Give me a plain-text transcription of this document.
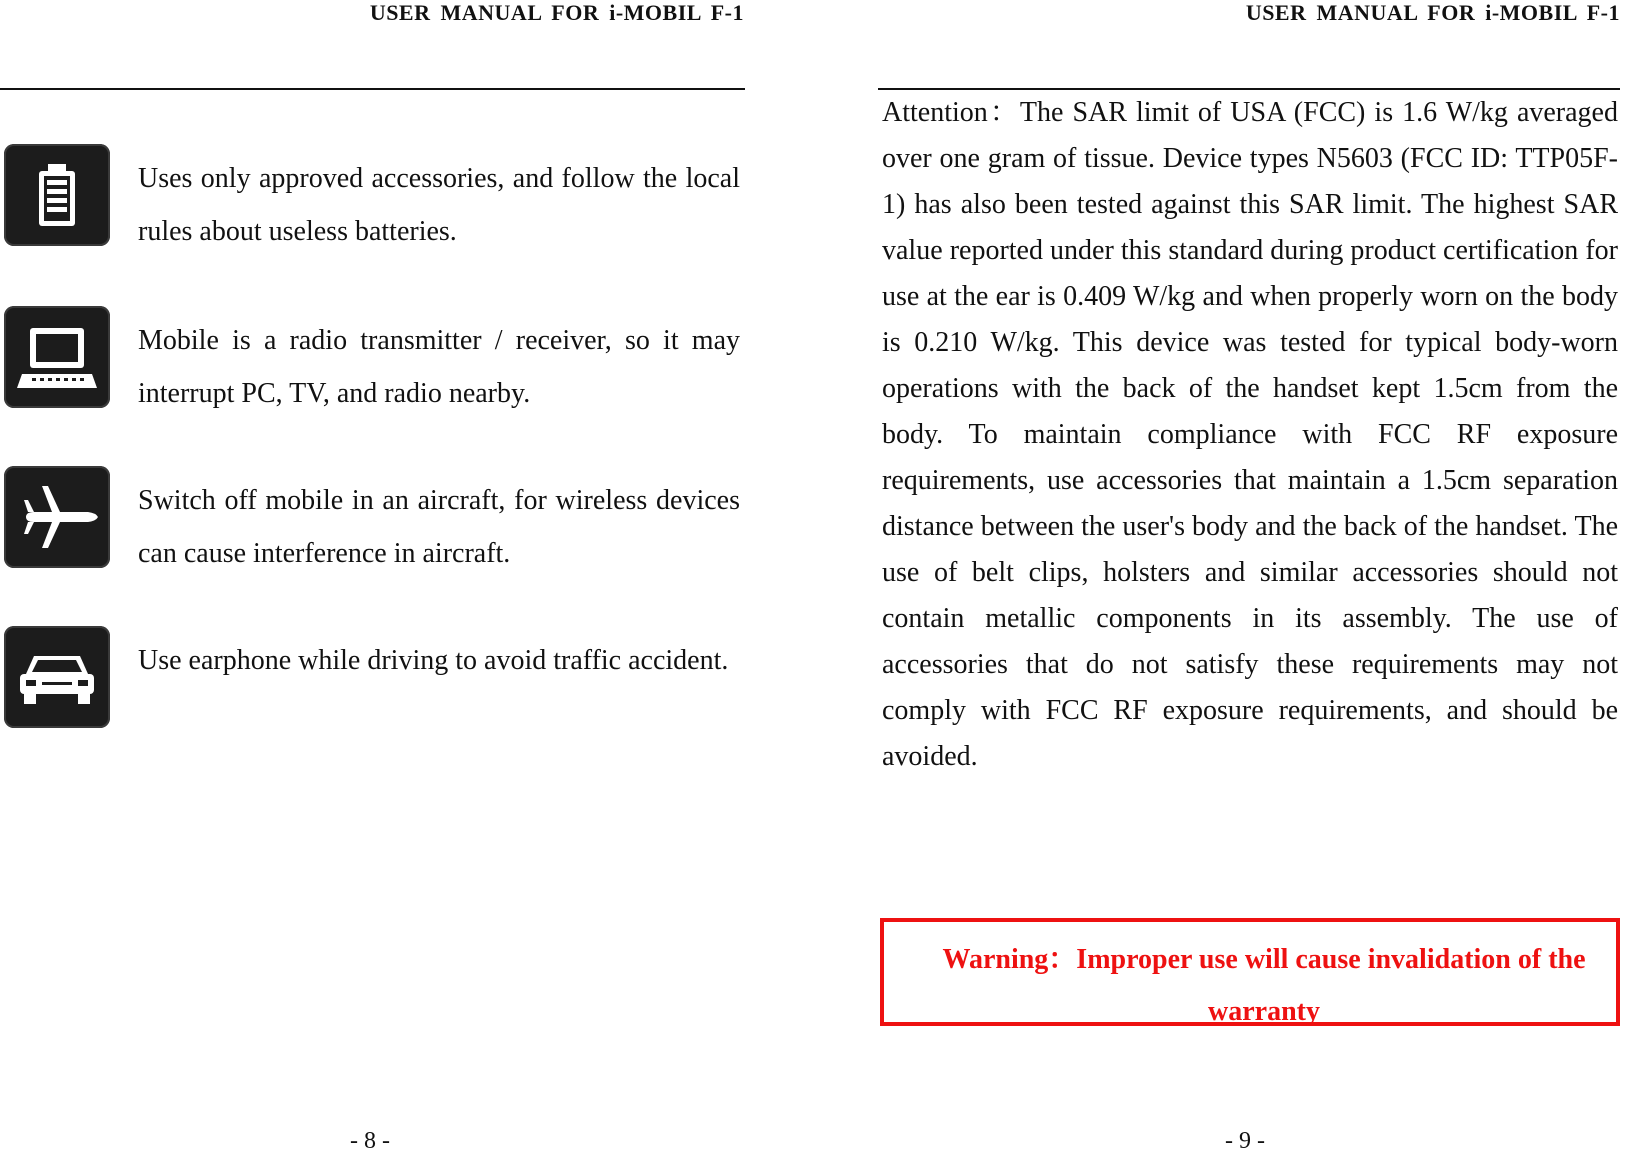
USER MANUAL FOR i-MOBIL F-1
Uses only approved accessories, and follow the local rules about useless batteries.
Mobile is a radio transmitter / receiver, so it may interrupt PC, TV, and radio nearby.
Switch off mobile in an aircraft, for wireless devices can cause interference in aircraft.
Use earphone while driving to avoid traffic accident.
- 8 -
USER MANUAL FOR i-MOBIL F-1
Attention：The SAR limit of USA (FCC) is 1.6 W/kg averaged over one gram of tissue. Device types N5603 (FCC ID: TTP05F-1) has also been tested against this SAR limit. The highest SAR value reported under this standard during product certification for use at the ear is 0.409 W/kg and when properly worn on the body is 0.210 W/kg. This device was tested for typical body-worn operations with the back of the handset kept 1.5cm from the body. To maintain compliance with FCC RF exposure requirements, use accessories that maintain a 1.5cm separation distance between the user's body and the back of the handset. The use of belt clips, holsters and similar accessories should not contain metallic components in its assembly. The use of accessories that do not satisfy these requirements may not comply with FCC RF exposure requirements, and should be avoided.
Warning：Improper use will cause invalidation of the warranty
- 9 -
